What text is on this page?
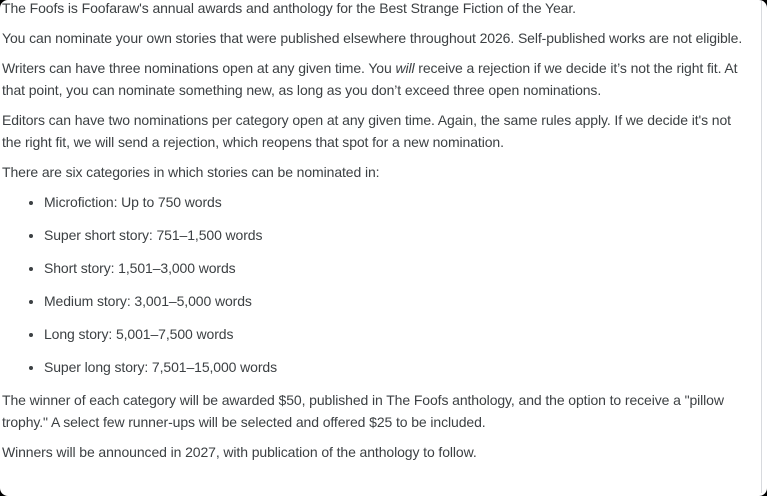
The Foofs is Foofaraw's annual awards and anthology for the Best Strange Fiction of the Year.

You can nominate your own stories that were published elsewhere throughout 2026. Self-published works are not eligible.

Writers can have three nominations open at any given time. You will receive a rejection if we decide it’s not the right fit. At that point, you can nominate something new, as long as you don’t exceed three open nominations.

Editors can have two nominations per category open at any given time. Again, the same rules apply. If we decide it's not the right fit, we will send a rejection, which reopens that spot for a new nomination.

There are six categories in which stories can be nominated in:

• Microfiction: Up to 750 words
• Super short story: 751–1,500 words
• Short story: 1,501–3,000 words
• Medium story: 3,001–5,000 words
• Long story: 5,001–7,500 words
• Super long story: 7,501–15,000 words

The winner of each category will be awarded $50, published in The Foofs anthology, and the option to receive a "pillow trophy." A select few runner-ups will be selected and offered $25 to be included.

Winners will be announced in 2027, with publication of the anthology to follow.
